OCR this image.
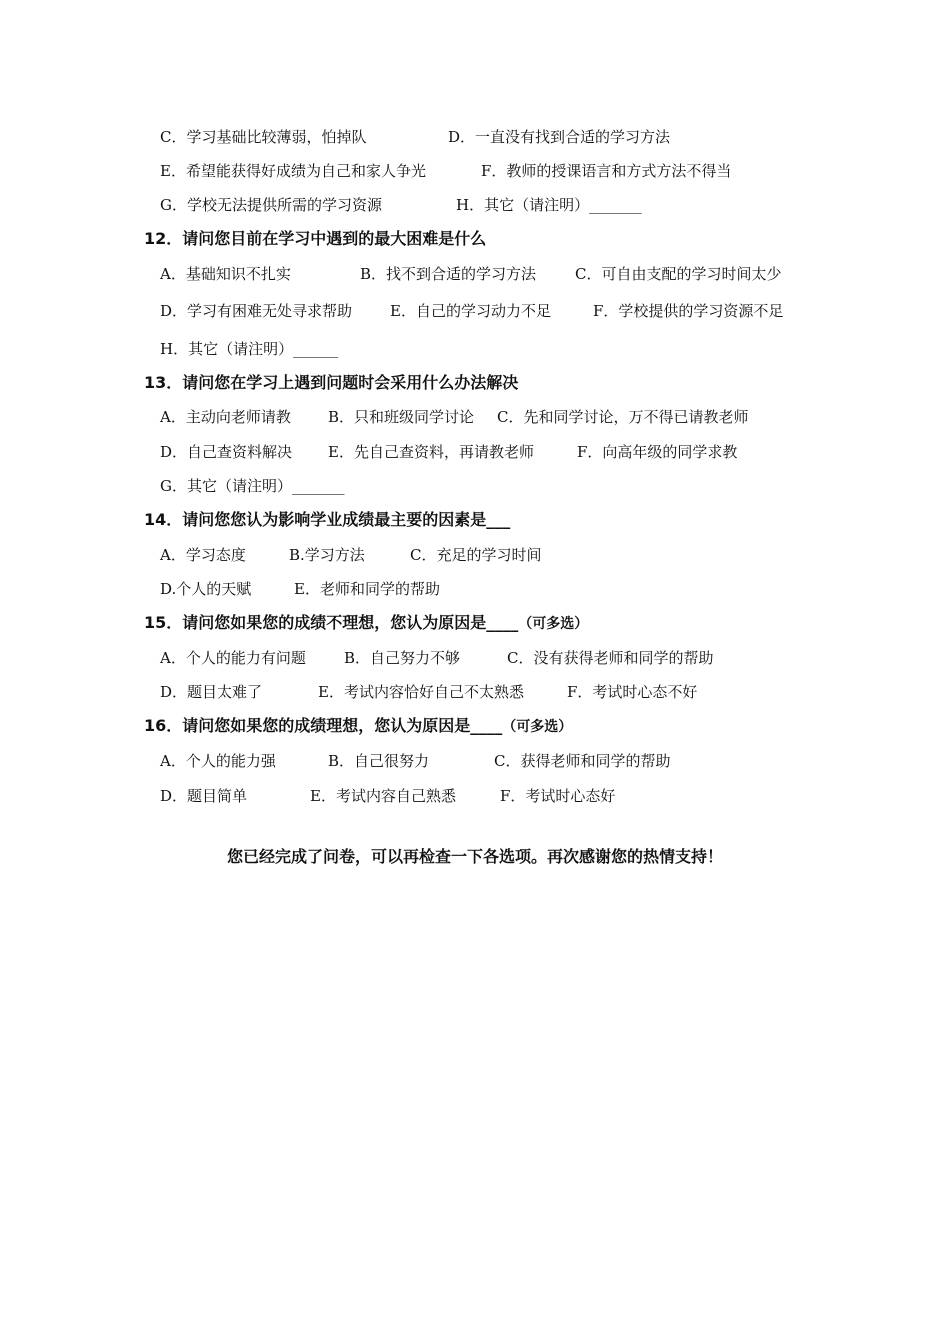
C．学习基础比较薄弱，怕掉队	D．一直没有找到合适的学习方法
E．希望能获得好成绩为自己和家人争光	F．教师的授课语言和方式方法不得当
G．学校无法提供所需的学习资源	H．其它（请注明）_______
12．请问您目前在学习中遇到的最大困难是什么
A．基础知识不扎实	B．找不到合适的学习方法	C．可自由支配的学习时间太少
D．学习有困难无处寻求帮助	E．自己的学习动力不足	F．学校提供的学习资源不足
H．其它（请注明）______
13．请问您在学习上遇到问题时会采用什么办法解决
A．主动向老师请教 B．只和班级同学讨论 C．先和同学讨论，万不得已请教老师
D．自己查资料解决 E．先自己查资料，再请教老师	F．向高年级的同学求教
G．其它（请注明）_______
14．请问您您认为影响学业成绩最主要的因素是___
A．学习态度	B.学习方法	C．充足的学习时间
D.个人的天赋	E．老师和同学的帮助
15．请问您如果您的成绩不理想，您认为原因是____（可多选）
A．个人的能力有问题	B．自己努力不够	C．没有获得老师和同学的帮助
D．题目太难了	E．考试内容恰好自己不太熟悉	F．考试时心态不好
16．请问您如果您的成绩理想，您认为原因是____（可多选）
A．个人的能力强	B．自己很努力	C．获得老师和同学的帮助
D．题目简单	E．考试内容自己熟悉	F．考试时心态好
您已经完成了问卷，可以再检查一下各选项。再次感谢您的热情支持！
